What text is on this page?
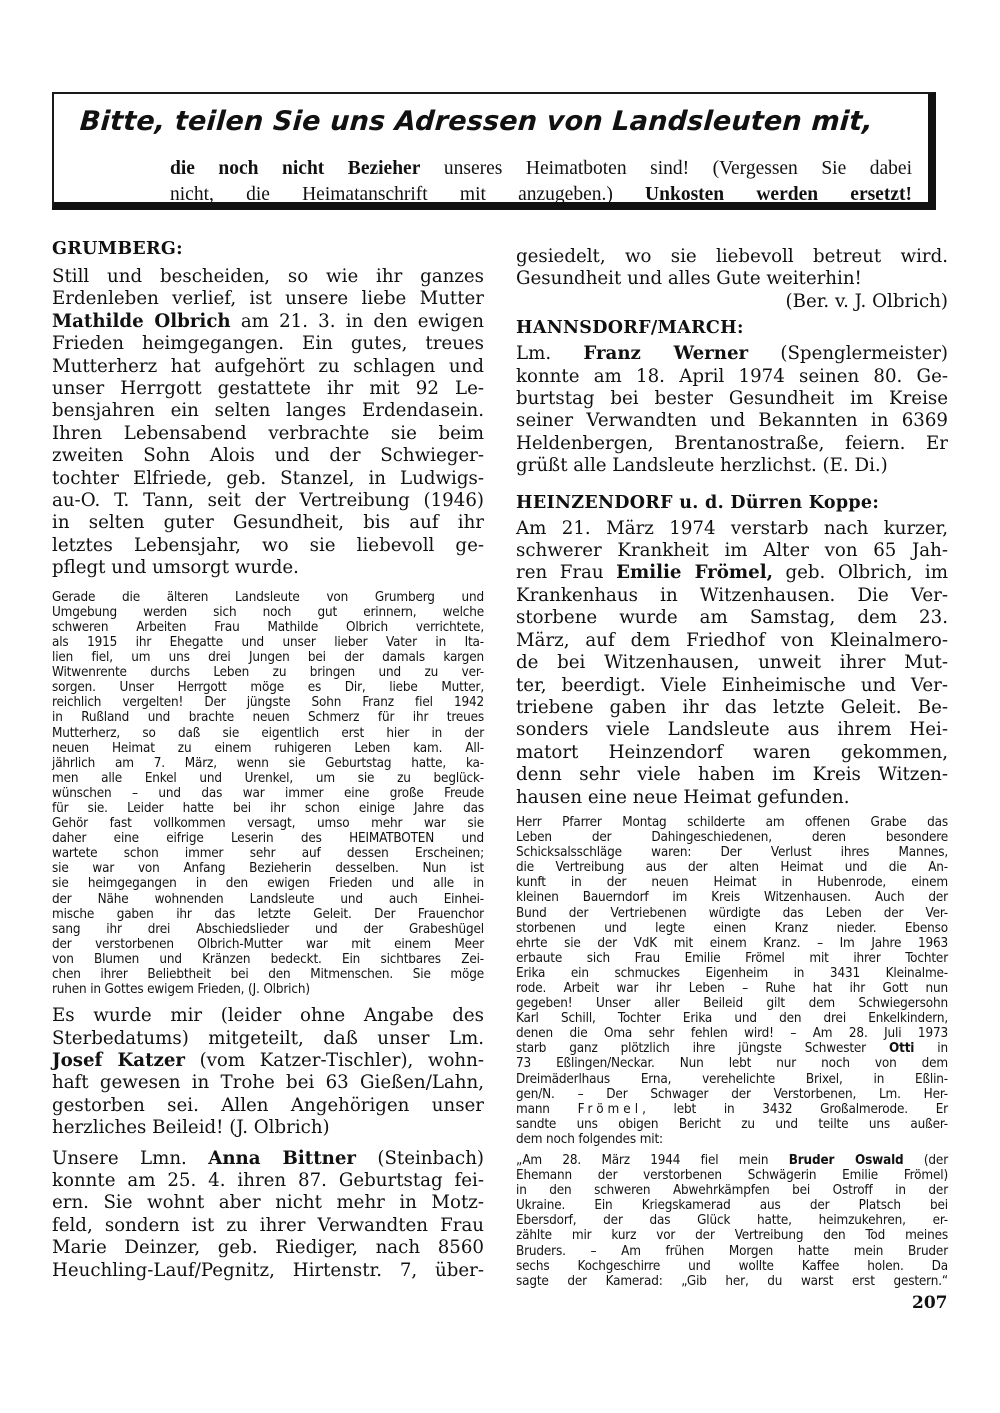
Bitte, teilen Sie uns Adressen von Landsleuten mit,
die noch nicht Bezieher unseres Heimatboten sind! (Vergessen Sie dabei
nicht, die Heimatanschrift mit anzugeben.) Unkosten werden ersetzt!
GRUMBERG:

Still und bescheiden, so wie ihr ganzes
Erdenleben verlief, ist unsere liebe Mutter
Mathilde Olbrich am 21. 3. in den ewigen
Frieden heimgegangen. Ein gutes, treues
Mutterherz hat aufgehört zu schlagen und
unser Herrgott gestattete ihr mit 92 Le-
bensjahren ein selten langes Erdendasein.
Ihren Lebensabend verbrachte sie beim
zweiten Sohn Alois und der Schwieger-
tochter Elfriede, geb. Stanzel, in Ludwigs-
au-O. T. Tann, seit der Vertreibung (1946)
in selten guter Gesundheit, bis auf ihr
letztes Lebensjahr, wo sie liebevoll ge-
pflegt und umsorgt wurde.

Gerade die älteren Landsleute von Grumberg und
Umgebung werden sich noch gut erinnern, welche
schweren Arbeiten Frau Mathilde Olbrich verrichtete,
als 1915 ihr Ehegatte und unser lieber Vater in Ita-
lien fiel, um uns drei Jungen bei der damals kargen
Witwenrente durchs Leben zu bringen und zu ver-
sorgen. Unser Herrgott möge es Dir, liebe Mutter,
reichlich vergelten! Der jüngste Sohn Franz fiel 1942
in Rußland und brachte neuen Schmerz für ihr treues
Mutterherz, so daß sie eigentlich erst hier in der
neuen Heimat zu einem ruhigeren Leben kam. All-
jährlich am 7. März, wenn sie Geburtstag hatte, ka-
men alle Enkel und Urenkel, um sie zu beglück-
wünschen – und das war immer eine große Freude
für sie. Leider hatte bei ihr schon einige Jahre das
Gehör fast vollkommen versagt, umso mehr war sie
daher eine eifrige Leserin des HEIMATBOTEN und
wartete schon immer sehr auf dessen Erscheinen;
sie war von Anfang Bezieherin desselben. Nun ist
sie heimgegangen in den ewigen Frieden und alle in
der Nähe wohnenden Landsleute und auch Einhei-
mische gaben ihr das letzte Geleit. Der Frauenchor
sang ihr drei Abschiedslieder und der Grabeshügel
der verstorbenen Olbrich-Mutter war mit einem Meer
von Blumen und Kränzen bedeckt. Ein sichtbares Zei-
chen ihrer Beliebtheit bei den Mitmenschen. Sie möge
ruhen in Gottes ewigem Frieden, (J. Olbrich)

Es wurde mir (leider ohne Angabe des
Sterbedatums) mitgeteilt, daß unser Lm.
Josef Katzer (vom Katzer-Tischler), wohn-
haft gewesen in Trohe bei 63 Gießen/Lahn,
gestorben sei. Allen Angehörigen unser
herzliches Beileid! (J. Olbrich)

Unsere Lmn. Anna Bittner (Steinbach)
konnte am 25. 4. ihren 87. Geburtstag fei-
ern. Sie wohnt aber nicht mehr in Motz-
feld, sondern ist zu ihrer Verwandten Frau
Marie Deinzer, geb. Riediger, nach 8560
Heuchling-Lauf/Pegnitz, Hirtenstr. 7, über-

gesiedelt, wo sie liebevoll betreut wird.
Gesundheit und alles Gute weiterhin!
(Ber. v. J. Olbrich)

HANNSDORF/MARCH:

Lm. Franz Werner (Spenglermeister)
konnte am 18. April 1974 seinen 80. Ge-
burtstag bei bester Gesundheit im Kreise
seiner Verwandten und Bekannten in 6369
Heldenbergen, Brentanostraße, feiern. Er
grüßt alle Landsleute herzlichst. (E. Di.)

HEINZENDORF u. d. Dürren Koppe:

Am 21. März 1974 verstarb nach kurzer,
schwerer Krankheit im Alter von 65 Jah-
ren Frau Emilie Frömel, geb. Olbrich, im
Krankenhaus in Witzenhausen. Die Ver-
storbene wurde am Samstag, dem 23.
März, auf dem Friedhof von Kleinalmero-
de bei Witzenhausen, unweit ihrer Mut-
ter, beerdigt. Viele Einheimische und Ver-
triebene gaben ihr das letzte Geleit. Be-
sonders viele Landsleute aus ihrem Hei-
matort Heinzendorf waren gekommen,
denn sehr viele haben im Kreis Witzen-
hausen eine neue Heimat gefunden.

Herr Pfarrer Montag schilderte am offenen Grabe das
Leben der Dahingeschiedenen, deren besondere
Schicksalsschläge waren: Der Verlust ihres Mannes,
die Vertreibung aus der alten Heimat und die An-
kunft in der neuen Heimat in Hubenrode, einem
kleinen Bauerndorf im Kreis Witzenhausen. Auch der
Bund der Vertriebenen würdigte das Leben der Ver-
storbenen und legte einen Kranz nieder. Ebenso
ehrte sie der VdK mit einem Kranz. – Im Jahre 1963
erbaute sich Frau Emilie Frömel mit ihrer Tochter
Erika ein schmuckes Eigenheim in 3431 Kleinalme-
rode. Arbeit war ihr Leben – Ruhe hat ihr Gott nun
gegeben! Unser aller Beileid gilt dem Schwiegersohn
Karl Schill, Tochter Erika und den drei Enkelkindern,
denen die Oma sehr fehlen wird! – Am 28. Juli 1973
starb ganz plötzlich ihre jüngste Schwester Otti in
73 Eßlingen/Neckar. Nun lebt nur noch von dem
Dreimäderlhaus Erna, verehelichte Brixel, in Eßlin-
gen/N. – Der Schwager der Verstorbenen, Lm. Her-
mann Frömel, lebt in 3432 Großalmerode. Er
sandte uns obigen Bericht zu und teilte uns außer-
dem noch folgendes mit:

„Am 28. März 1944 fiel mein Bruder Oswald (der
Ehemann der verstorbenen Schwägerin Emilie Frömel)
in den schweren Abwehrkämpfen bei Ostroff in der
Ukraine. Ein Kriegskamerad aus der Platsch bei
Ebersdorf, der das Glück hatte, heimzukehren, er-
zählte mir kurz vor der Vertreibung den Tod meines
Bruders. – Am frühen Morgen hatte mein Bruder
sechs Kochgeschirre und wollte Kaffee holen. Da
sagte der Kamerad: „Gib her, du warst erst gestern.“

207
